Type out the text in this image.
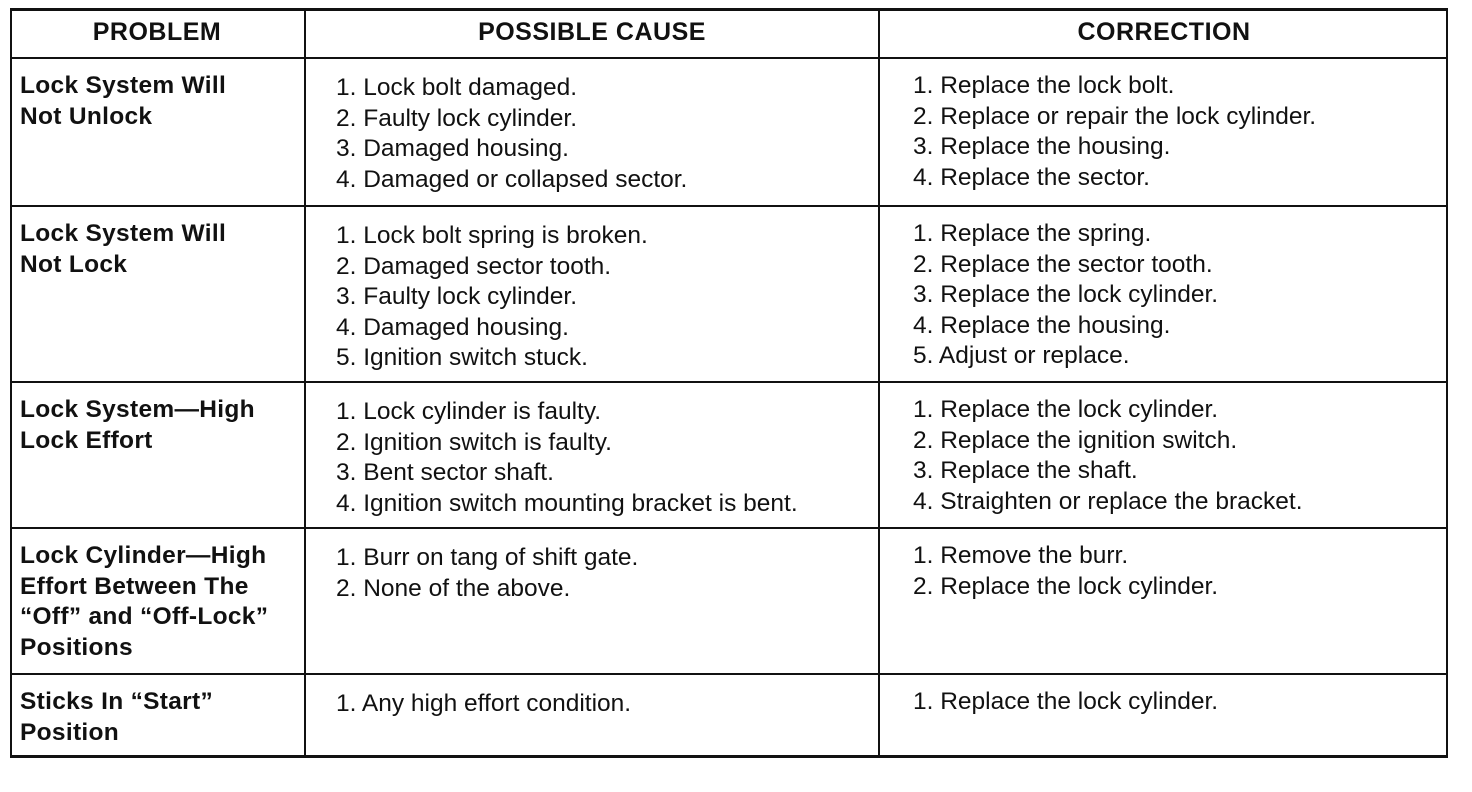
PROBLEM	POSSIBLE CAUSE	CORRECTION

Lock System Will
Not Unlock	1. Lock bolt damaged.
2. Faulty lock cylinder.
3. Damaged housing.
4. Damaged or collapsed sector.	1. Replace the lock bolt.
2. Replace or repair the lock cylinder.
3. Replace the housing.
4. Replace the sector.

Lock System Will
Not Lock	1. Lock bolt spring is broken.
2. Damaged sector tooth.
3. Faulty lock cylinder.
4. Damaged housing.
5. Ignition switch stuck.	1. Replace the spring.
2. Replace the sector tooth.
3. Replace the lock cylinder.
4. Replace the housing.
5. Adjust or replace.

Lock System—High
Lock Effort	1. Lock cylinder is faulty.
2. Ignition switch is faulty.
3. Bent sector shaft.
4. Ignition switch mounting bracket is bent.	1. Replace the lock cylinder.
2. Replace the ignition switch.
3. Replace the shaft.
4. Straighten or replace the bracket.

Lock Cylinder—High
Effort Between The
“Off” and “Off-Lock”
Positions	1. Burr on tang of shift gate.
2. None of the above.	1. Remove the burr.
2. Replace the lock cylinder.

Sticks In “Start”
Position	1. Any high effort condition.	1. Replace the lock cylinder.
